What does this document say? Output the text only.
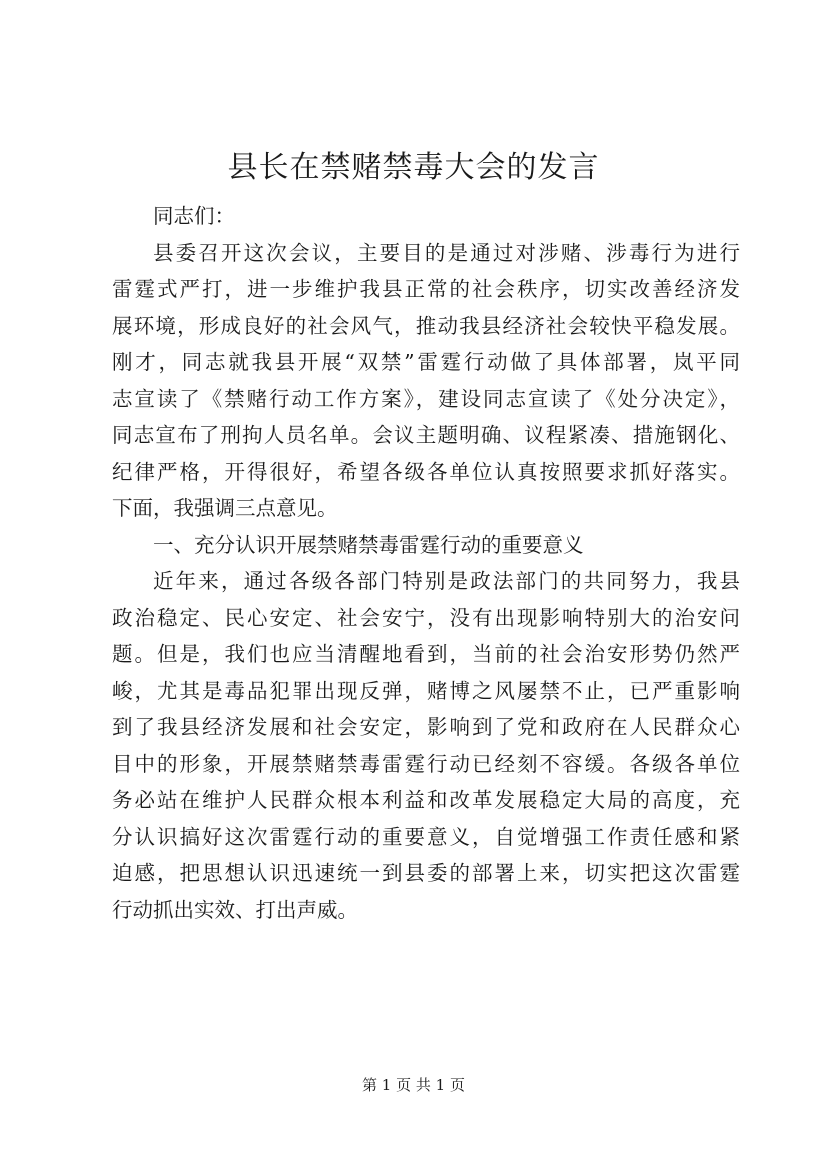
县长在禁赌禁毒大会的发言
同志们：
县委召开这次会议，主要目的是通过对涉赌、涉毒行为进行
雷霆式严打，进一步维护我县正常的社会秩序，切实改善经济发
展环境，形成良好的社会风气，推动我县经济社会较快平稳发展。
刚才，同志就我县开展“双禁”雷霆行动做了具体部署，岚平同
志宣读了《禁赌行动工作方案》，建设同志宣读了《处分决定》，
同志宣布了刑拘人员名单。会议主题明确、议程紧凑、措施钢化、
纪律严格，开得很好，希望各级各单位认真按照要求抓好落实。
下面，我强调三点意见。
一、充分认识开展禁赌禁毒雷霆行动的重要意义
近年来，通过各级各部门特别是政法部门的共同努力，我县
政治稳定、民心安定、社会安宁，没有出现影响特别大的治安问
题。但是，我们也应当清醒地看到，当前的社会治安形势仍然严
峻，尤其是毒品犯罪出现反弹，赌博之风屡禁不止，已严重影响
到了我县经济发展和社会安定，影响到了党和政府在人民群众心
目中的形象，开展禁赌禁毒雷霆行动已经刻不容缓。各级各单位
务必站在维护人民群众根本利益和改革发展稳定大局的高度，充
分认识搞好这次雷霆行动的重要意义，自觉增强工作责任感和紧
迫感，把思想认识迅速统一到县委的部署上来，切实把这次雷霆
行动抓出实效、打出声威。
第 1 页 共 1 页
